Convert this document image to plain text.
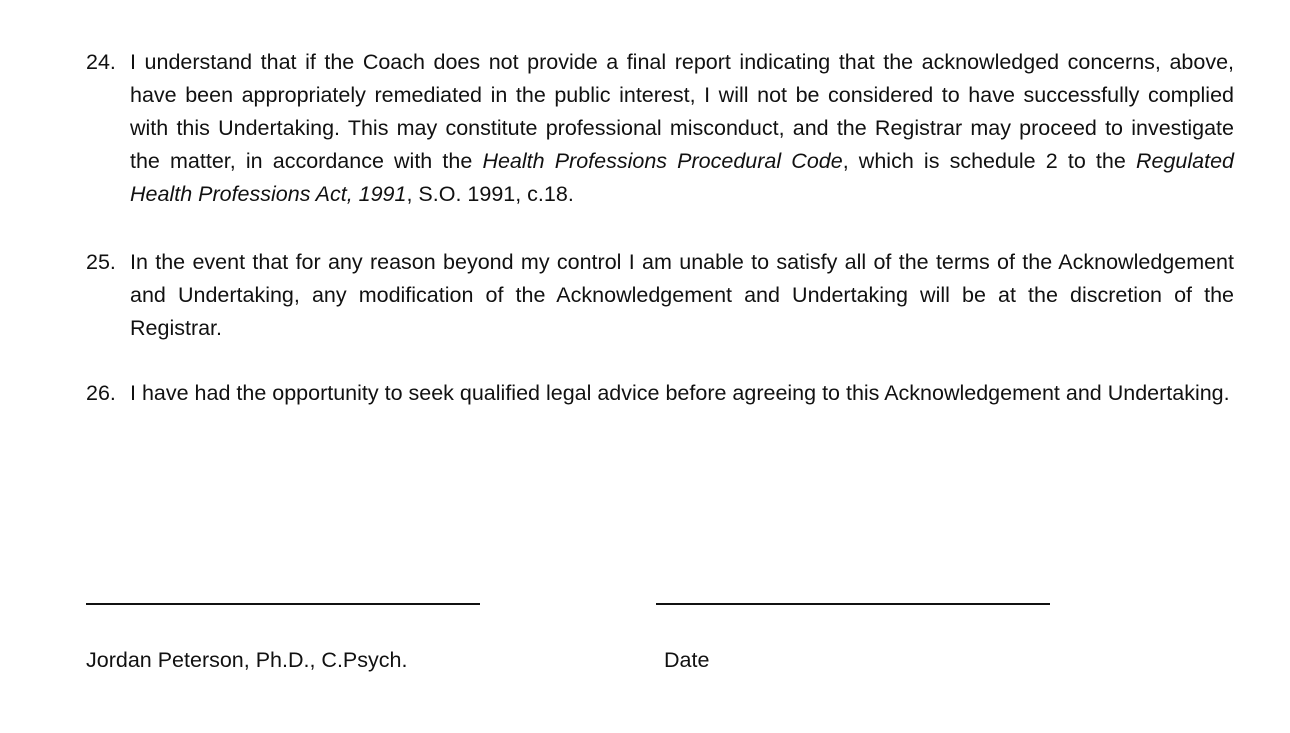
24. I understand that if the Coach does not provide a final report indicating that the acknowledged concerns, above, have been appropriately remediated in the public interest, I will not be considered to have successfully complied with this Undertaking. This may constitute professional misconduct, and the Registrar may proceed to investigate the matter, in accordance with the Health Professions Procedural Code, which is schedule 2 to the Regulated Health Professions Act, 1991, S.O. 1991, c.18.
25. In the event that for any reason beyond my control I am unable to satisfy all of the terms of the Acknowledgement and Undertaking, any modification of the Acknowledgement and Undertaking will be at the discretion of the Registrar.
26. I have had the opportunity to seek qualified legal advice before agreeing to this Acknowledgement and Undertaking.
Jordan Peterson, Ph.D., C.Psych.	Date
